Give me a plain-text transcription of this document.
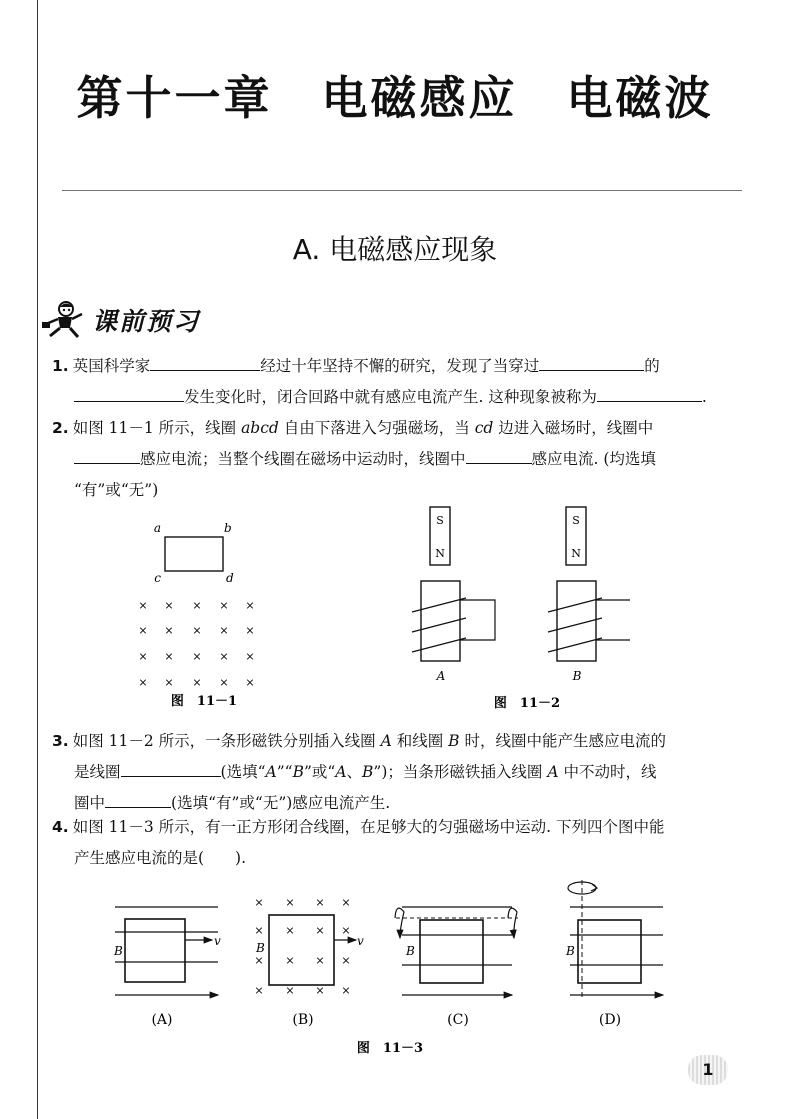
第十一章　电磁感应　电磁波
A. 电磁感应现象
课前预习
1. 英国科学家	经过十年坚持不懈的研究，发现了当穿过	的
发生变化时，闭合回路中就有感应电流产生. 这种现象被称为	.
2. 如图 11－1 所示，线圈 abcd 自由下落进入匀强磁场，当 cd 边进入磁场时，线圈中
感应电流；当整个线圈在磁场中运动时，线圈中	感应电流. (均选填
“有”或“无”)
3. 如图 11－2 所示，一条形磁铁分别插入线圈 A 和线圈 B 时，线圈中能产生感应电流的
是线圈	(选填“A”“B”或“A、B”)；当条形磁铁插入线圈 A 中不动时，线
圈中	(选填“有”或“无”)感应电流产生.
4. 如图 11－3 所示，有一正方形闭合线圈，在足够大的匀强磁场中运动. 下列四个图中能
产生感应电流的是(　　).
a	b
c	d
× × × × ×
× × × × ×
× × × × ×
× × × × ×
图　11－1
S
N
A
S
N
B
图　11－2
B
v
(A)
× × × ×
× × × ×
× × × ×
× × × ×
B	v
(B)
B
(C)
B
(D)
图　11－3
1
